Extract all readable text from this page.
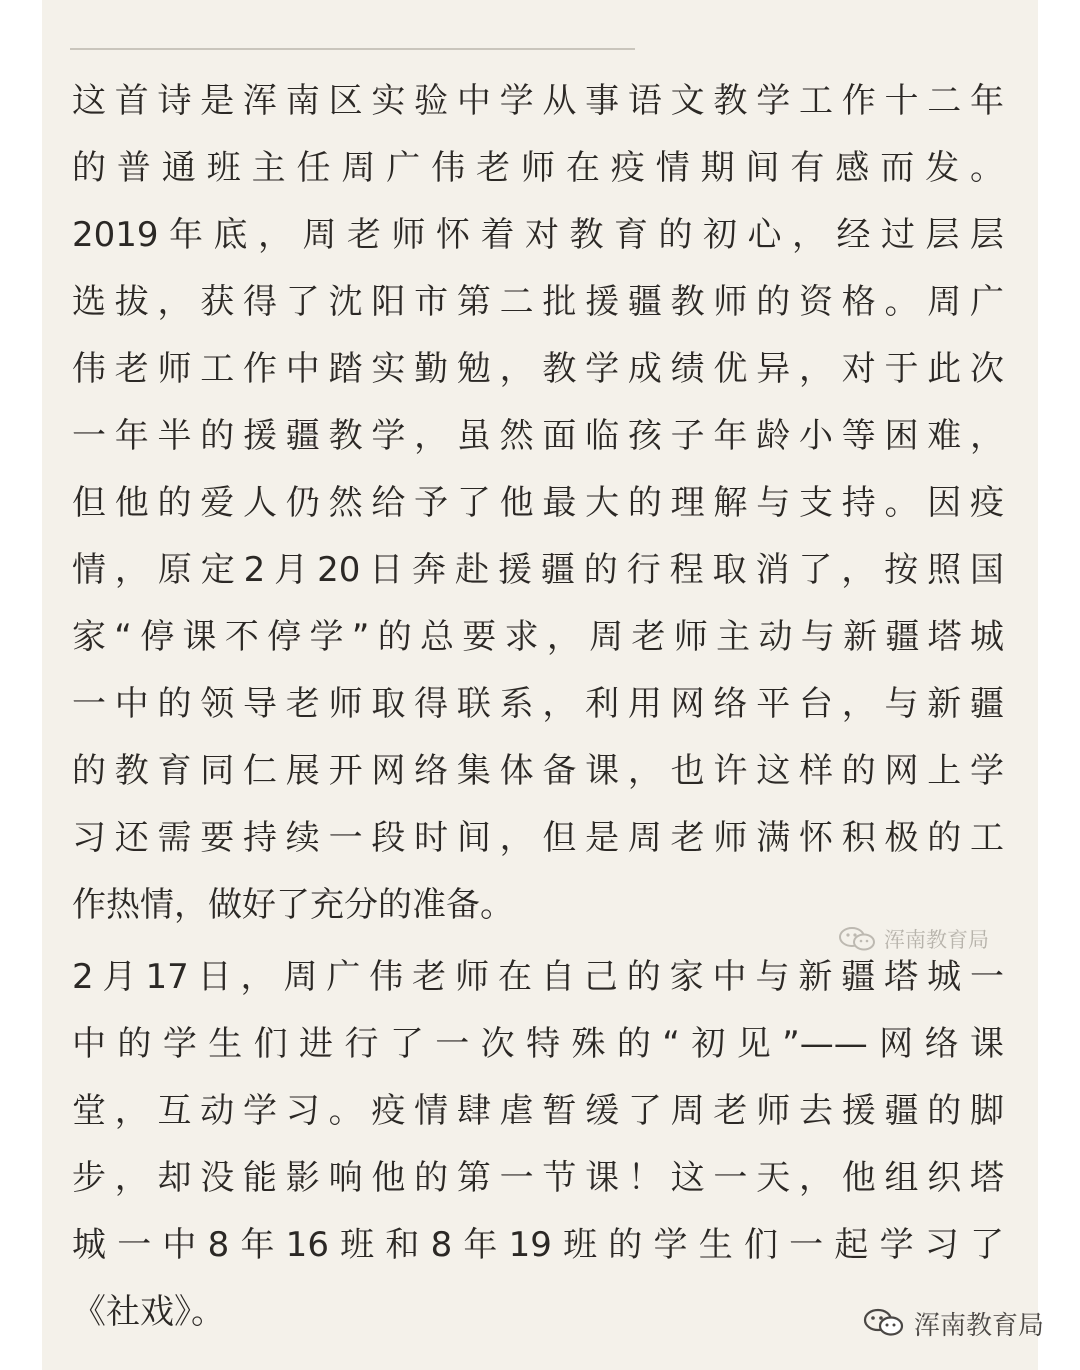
这首诗是浑南区实验中学从事语文教学工作十二年
的普通班主任周广伟老师在疫情期间有感而发。
2019年底，周老师怀着对教育的初心，经过层层
选拔，获得了沈阳市第二批援疆教师的资格。周广
伟老师工作中踏实勤勉，教学成绩优异，对于此次
一年半的援疆教学，虽然面临孩子年龄小等困难，
但他的爱人仍然给予了他最大的理解与支持。因疫
情，原定2月20日奔赴援疆的行程取消了，按照国
家“停课不停学”的总要求，周老师主动与新疆塔城
一中的领导老师取得联系，利用网络平台，与新疆
的教育同仁展开网络集体备课，也许这样的网上学
习还需要持续一段时间，但是周老师满怀积极的工
作热情，做好了充分的准备。
2月17日，周广伟老师在自己的家中与新疆塔城一
中的学生们进行了一次特殊的“初见”——网络课
堂，互动学习。疫情肆虐暂缓了周老师去援疆的脚
步，却没能影响他的第一节课！这一天，他组织塔
城一中8年16班和8年19班的学生们一起学习了
《社戏》。
浑南教育局
浑南教育局
